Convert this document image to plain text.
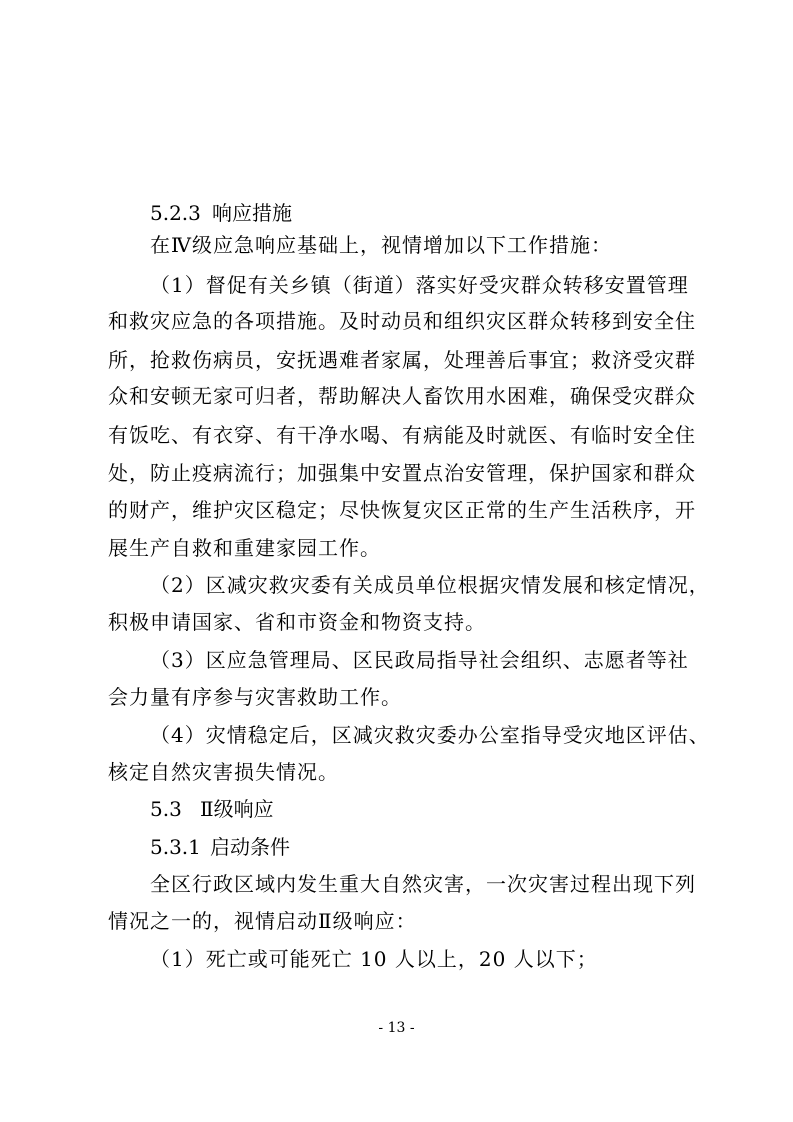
5.2.3 响应措施
在Ⅳ级应急响应基础上，视情增加以下工作措施：
（1）督促有关乡镇（街道）落实好受灾群众转移安置管理
和救灾应急的各项措施。及时动员和组织灾区群众转移到安全住
所，抢救伤病员，安抚遇难者家属，处理善后事宜；救济受灾群
众和安顿无家可归者，帮助解决人畜饮用水困难，确保受灾群众
有饭吃、有衣穿、有干净水喝、有病能及时就医、有临时安全住
处，防止疫病流行；加强集中安置点治安管理，保护国家和群众
的财产，维护灾区稳定；尽快恢复灾区正常的生产生活秩序，开
展生产自救和重建家园工作。
（2）区减灾救灾委有关成员单位根据灾情发展和核定情况，
积极申请国家、省和市资金和物资支持。
（3）区应急管理局、区民政局指导社会组织、志愿者等社
会力量有序参与灾害救助工作。
（4）灾情稳定后，区减灾救灾委办公室指导受灾地区评估、
核定自然灾害损失情况。
5.3 Ⅱ级响应
5.3.1 启动条件
全区行政区域内发生重大自然灾害，一次灾害过程出现下列
情况之一的，视情启动Ⅱ级响应：
（1）死亡或可能死亡 10 人以上，20 人以下；
- 13 -
